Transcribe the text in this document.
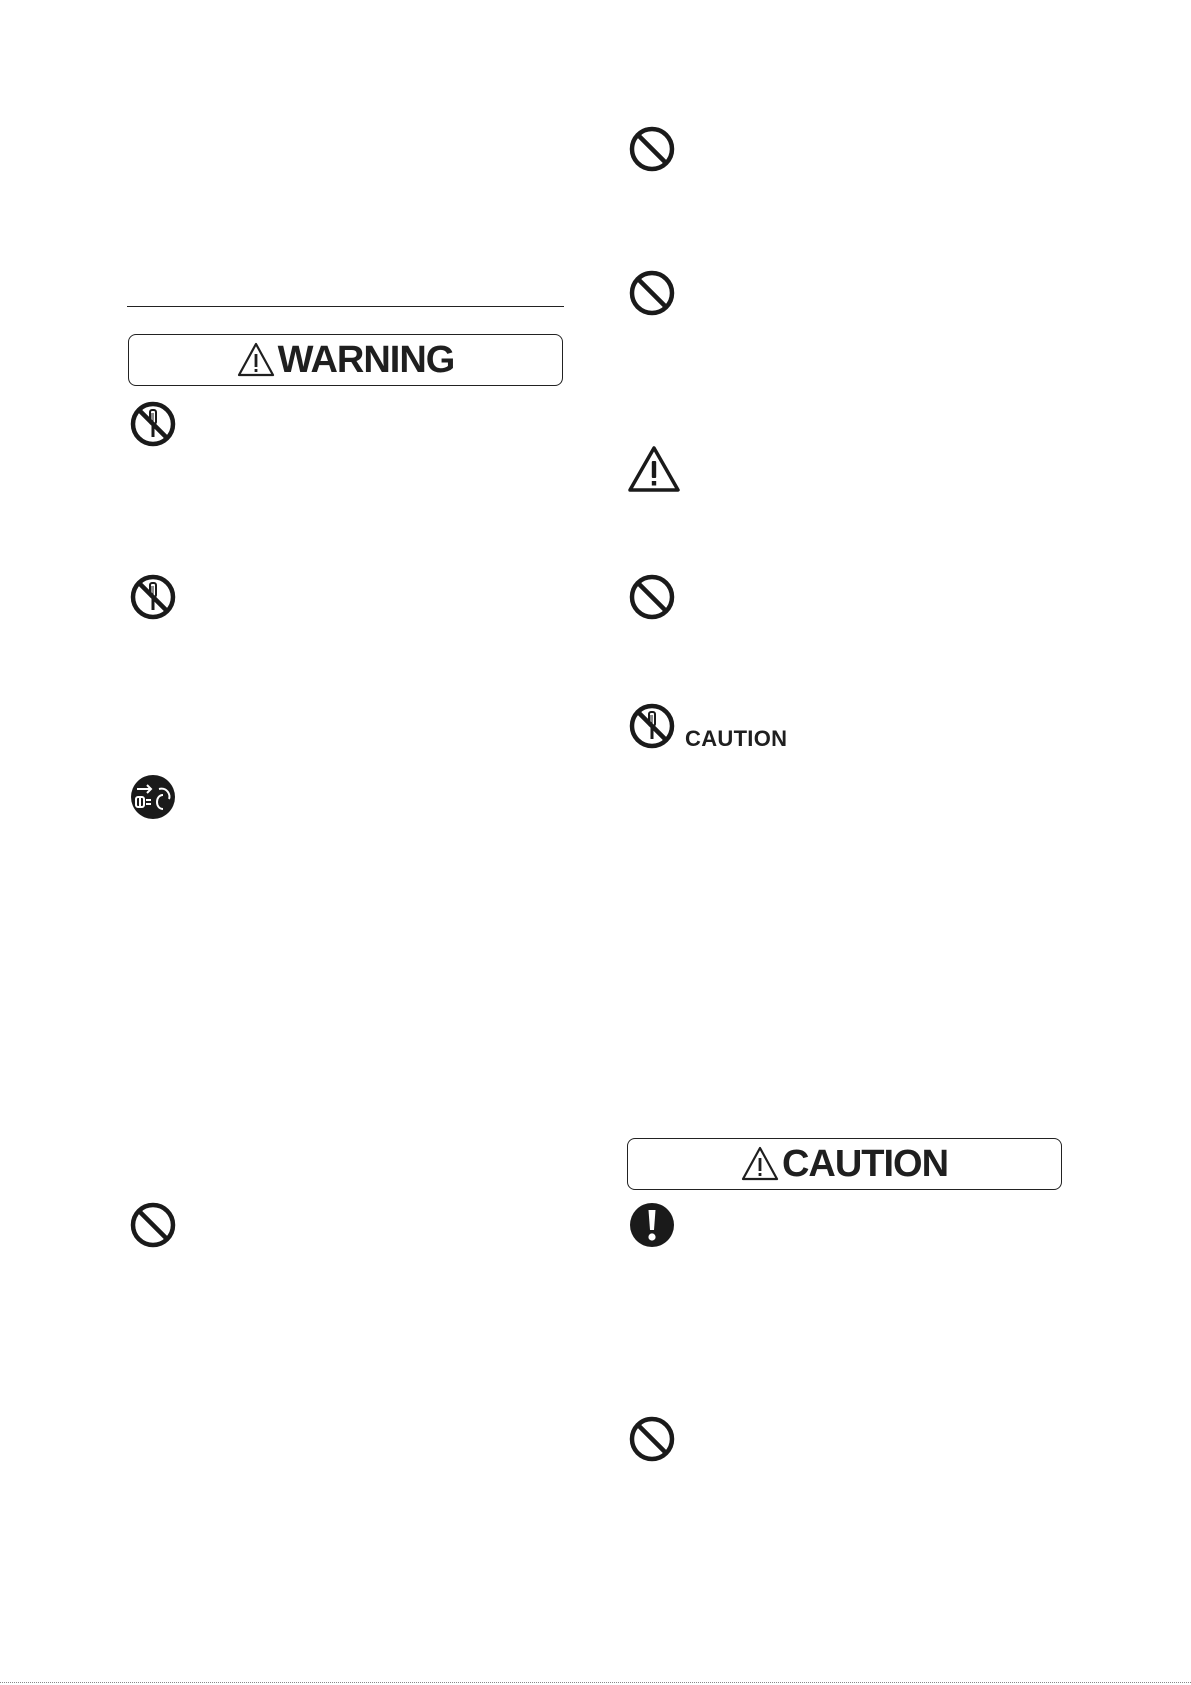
WARNING
CAUTION
CAUTION
